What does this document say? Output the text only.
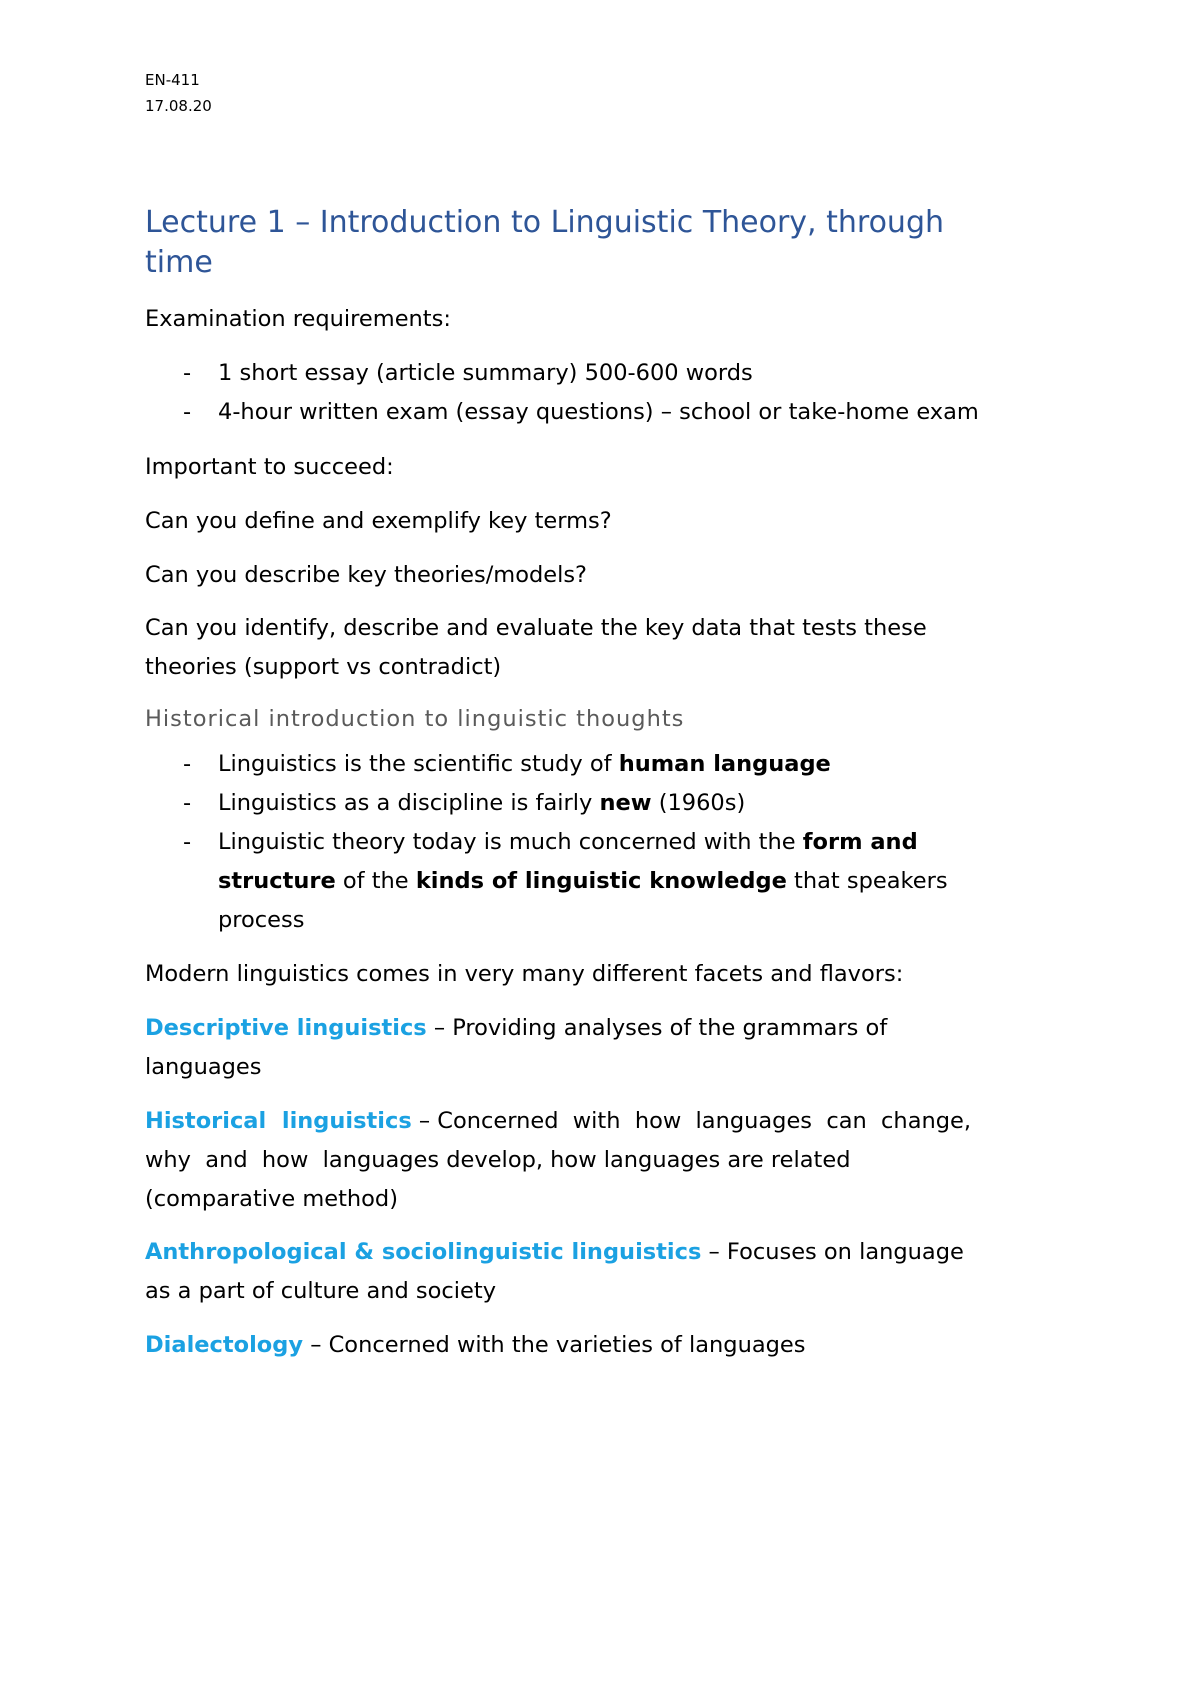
EN-411
17.08.20
Lecture 1 – Introduction to Linguistic Theory, through
time

Examination requirements:

- 1 short essay (article summary) 500-600 words
- 4-hour written exam (essay questions) – school or take-home exam

Important to succeed:

Can you define and exemplify key terms?

Can you describe key theories/models?

Can you identify, describe and evaluate the key data that tests these

theories (support vs contradict)

Historical introduction to linguistic thoughts

- Linguistics is the scientific study of human language
- Linguistics as a discipline is fairly new (1960s)
- Linguistic theory today is much concerned with the form and
structure of the kinds of linguistic knowledge that speakers
process

Modern linguistics comes in very many different facets and flavors:

Descriptive linguistics – Providing analyses of the grammars of

languages

Historical  linguistics – Concerned  with  how  languages  can  change,

why  and  how  languages develop, how languages are related

(comparative method)

Anthropological & sociolinguistic linguistics – Focuses on language

as a part of culture and society

Dialectology – Concerned with the varieties of languages
